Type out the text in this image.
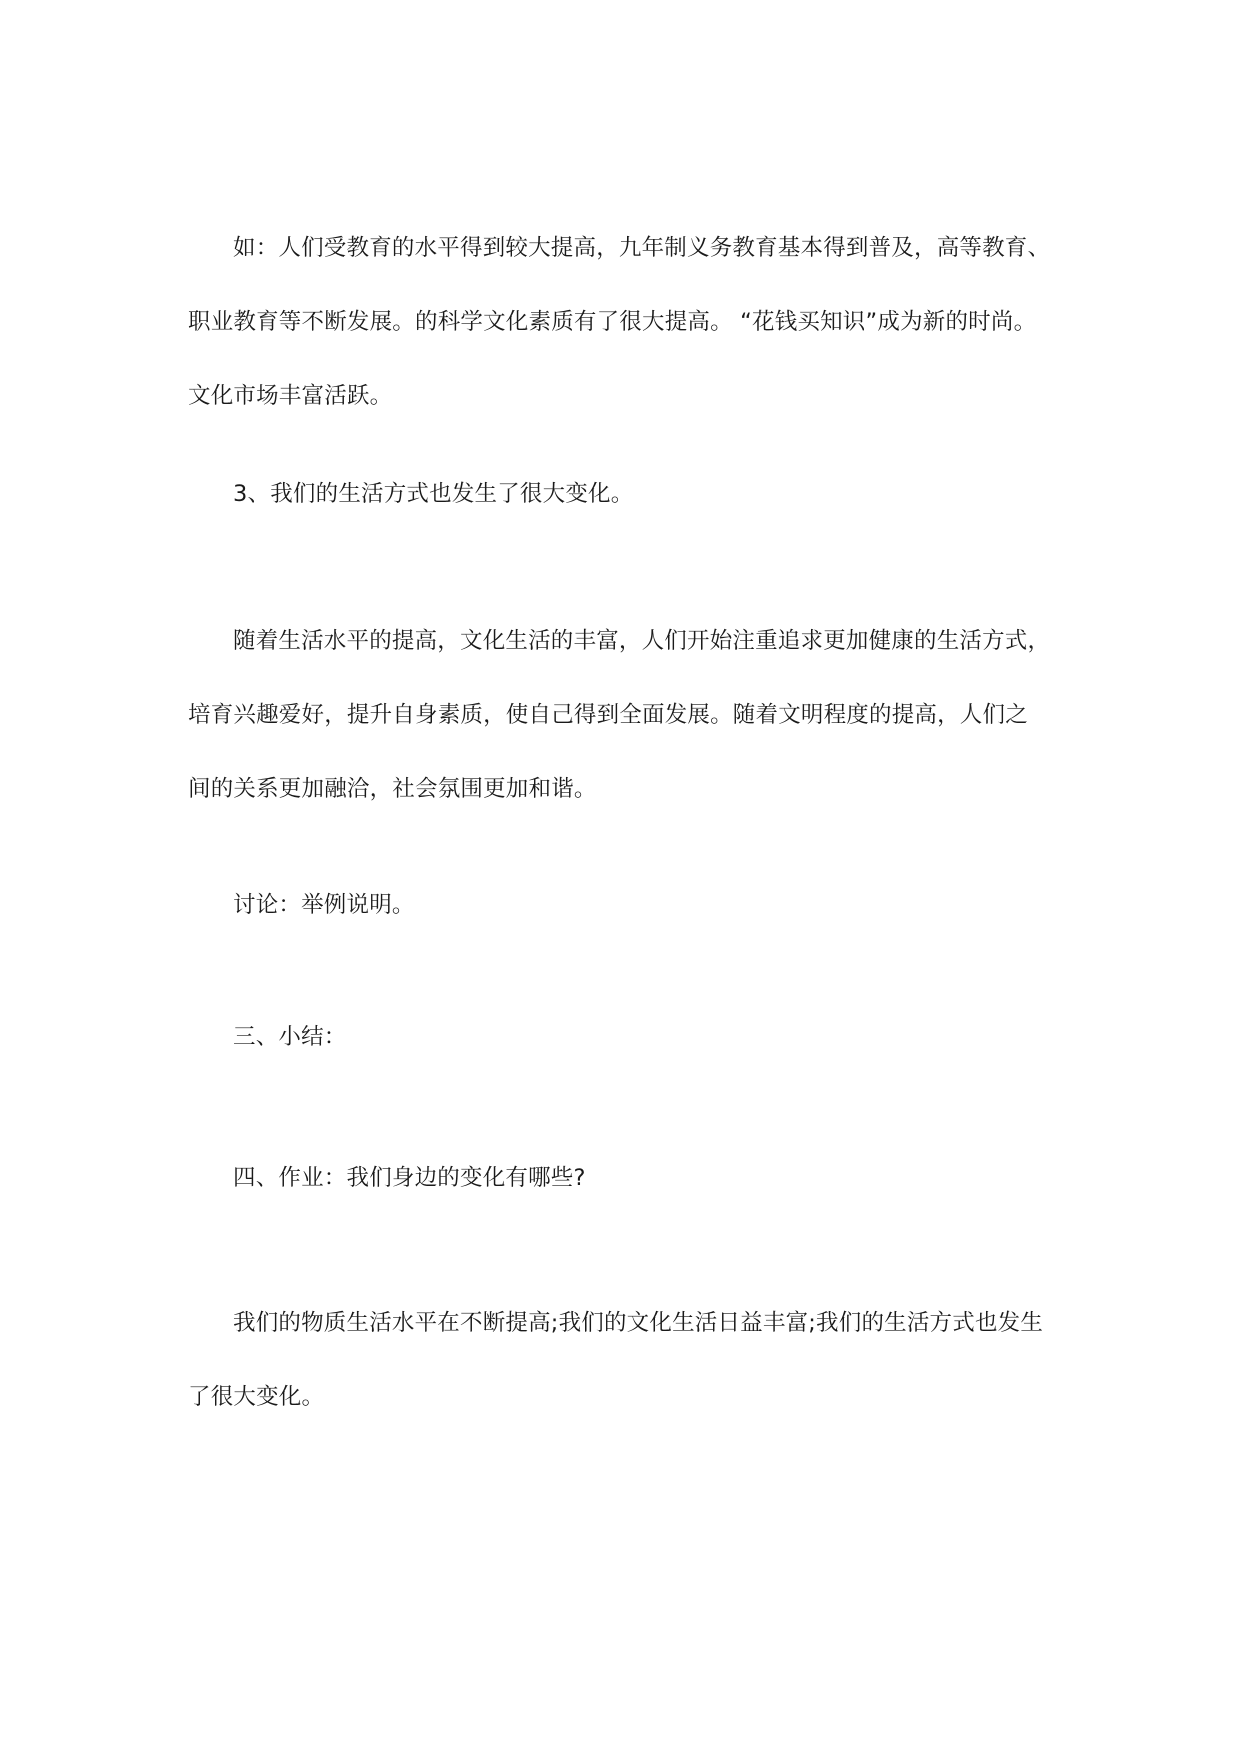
如：人们受教育的水平得到较大提高，九年制义务教育基本得到普及，高等教育、
职业教育等不断发展。的科学文化素质有了很大提高。 “花钱买知识”成为新的时尚。
文化市场丰富活跃。
3、我们的生活方式也发生了很大变化。
随着生活水平的提高，文化生活的丰富，人们开始注重追求更加健康的生活方式，
培育兴趣爱好，提升自身素质，使自己得到全面发展。随着文明程度的提高，人们之
间的关系更加融洽，社会氛围更加和谐。
讨论：举例说明。
三、小结：
四、作业：我们身边的变化有哪些?
我们的物质生活水平在不断提高;我们的文化生活日益丰富;我们的生活方式也发生
了很大变化。
